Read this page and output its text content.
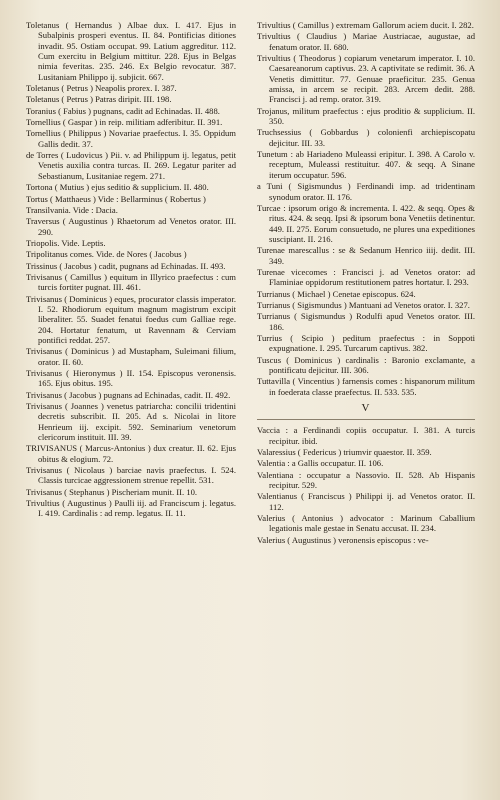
Toletanus ( Hernandus ) Albae dux. I. 417. Ejus in Subalpinis prosperi eventus. II. 84. Pontificias ditiones invadit. 95. Ostiam occupat. 99. Latium aggreditur. 112. Cum exercitu in Belgium mittitur. 228. Ejus in Belgas nimia feveritas. 235. 246. Ex Belgio revocatur. 387. Lusitaniam Philippo ij. subjicit. 667.

Toletanus ( Petrus ) Neapolis prorex. I. 387.

Toletanus ( Petrus ) Patras diripit. III. 198.

Toranius ( Fabius ) pugnans, cadit ad Echinadas. II. 488.

Tornellius ( Gaspar ) in reip. militiam adferibitur. II. 391.

Tornellius ( Philippus ) Novariae praefectus. I. 35. Oppidum Gallis dedit. 37.

de Torres ( Ludovicus ) Pii. v. ad Philippum ij. legatus, petit Venetis auxilia contra turcas. II. 269. Legatur pariter ad Sebastianum, Lusitaniae regem. 271.

Tortona ( Mutius ) ejus seditio & supplicium. II. 480.

Tortus ( Matthaeus ) Vide : Bellarminus ( Robertus )

Transilvania. Vide : Dacia.

Traversus ( Augustinus ) Rhaetorum ad Venetos orator. III. 290.

Triopolis. Vide. Leptis.

Tripolitanus comes. Vide. de Nores ( Jacobus )

Trissinus ( Jacobus ) cadit, pugnans ad Echinadas. II. 493.

Trivisanus ( Camillus ) equitum in Illyrico praefectus : cum turcis fortiter pugnat. III. 461.

Trivisanus ( Dominicus ) eques, procurator classis imperator. I. 52. Rhodiorum equitum magnum magistrum excipit liberaliter. 55. Suadet fenatui foedus cum Galliae rege. 204. Hortatur fenatum, ut Ravennam & Cerviam pontifici reddat. 257.

Trivisanus ( Dominicus ) ad Mustapham, Suleimani filium, orator. II. 60.

Trivisanus ( Hieronymus ) II. 154. Episcopus veronensis. 165. Ejus obitus. 195.

Trivisanus ( Jacobus ) pugnans ad Echinadas, cadit. II. 492.

Trivisanus ( Joannes ) venetus patriarcha: concilii tridentini decretis subscribit. II. 205. Ad s. Nicolai in litore Henrieum iij. excipit. 592. Seminarium venetorum clericorum instituit. III. 39.

TRIVISANUS ( Marcus-Antonius ) dux creatur. II. 62. Ejus obitus & elogium. 72.

Trivisanus ( Nicolaus ) barciae navis praefectus. I. 524. Classis turcicae aggressionem strenue repellit. 531.

Trivisanus ( Stephanus ) Pischeriam munit. II. 10.

Trivultius ( Augustinus ) Paulli iij. ad Franciscum j. legatus. I. 419. Cardinalis : ad remp. legatus. II. 11.

Trivultius ( Camillus ) extremam Gallorum aciem ducit. I. 282.

Trivultius ( Claudius ) Mariae Austriacae, augustae, ad fenatum orator. II. 680.

Trivultius ( Theodorus ) copiarum venetarum imperator. I. 10. Caesareanorum captivus. 23. A captivitate se redimit. 36. A Venetis dimittitur. 77. Genuae praeficitur. 235. Genua amissa, in arcem se recipit. 283. Arcem dedit. 288. Francisci j. ad remp. orator. 319.

Trojanus, militum praefectus : ejus proditio & supplicium. II. 350.

Truchsessius ( Gobbardus ) colonienfi archiepiscopatu dejicitur. III. 33.

Tunetum : ab Hariadeno Muleassi eripitur. I. 398. A Carolo v. receptum, Muleassi restituitur. 407. & seqq. A Sinane iterum occupatur. 596.

a Tuni ( Sigismundus ) Ferdinandi imp. ad tridentinam synodum orator. II. 176.

Turcae : ipsorum origo & incrementa. I. 422. & seqq. Opes & ritus. 424. & seqq. Ipsi & ipsorum bona Venetiis detinentur. 449. II. 275. Eorum consuetudo, ne plures una expeditiones suscipiant. II. 216.

Turenae marescallus : se & Sedanum Henrico iiij. dedit. III. 349.

Turenae vicecomes : Francisci j. ad Venetos orator: ad Flaminiae oppidorum restitutionem patres hortatur. I. 293.

Turrianus ( Michael ) Cenetae episcopus. 624.

Turrianus ( Sigismundus ) Mantuani ad Venetos orator. I. 327.

Turrianus ( Sigismundus ) Rodulfi apud Venetos orator. III. 186.

Turrius ( Scipio ) peditum praefectus : in Soppoti expugnatione. I. 295. Turcarum captivus. 382.

Tuscus ( Dominicus ) cardinalis : Baronio exclamante, a pontificatu dejicitur. III. 306.

Tuttavilla ( Vincentius ) farnensis comes : hispanorum militum in foederata classe praefectus. II. 533. 535.

V

Vaccia : a Ferdinandi copiis occupatur. I. 381. A turcis recipitur. ibid.

Valaressius ( Federicus ) triumvir quaestor. II. 359.

Valentia : a Gallis occupatur. II. 106.

Valentiana : occupatur a Nassovio. II. 528. Ab Hispanis recipitur. 529.

Valentianus ( Franciscus ) Philippi ij. ad Venetos orator. II. 112.

Valerius ( Antonius ) advocator : Marinum Caballium legationis male gestae in Senatu accusat. II. 234.

Valerius ( Augustinus ) veronensis episcopus : ve-
